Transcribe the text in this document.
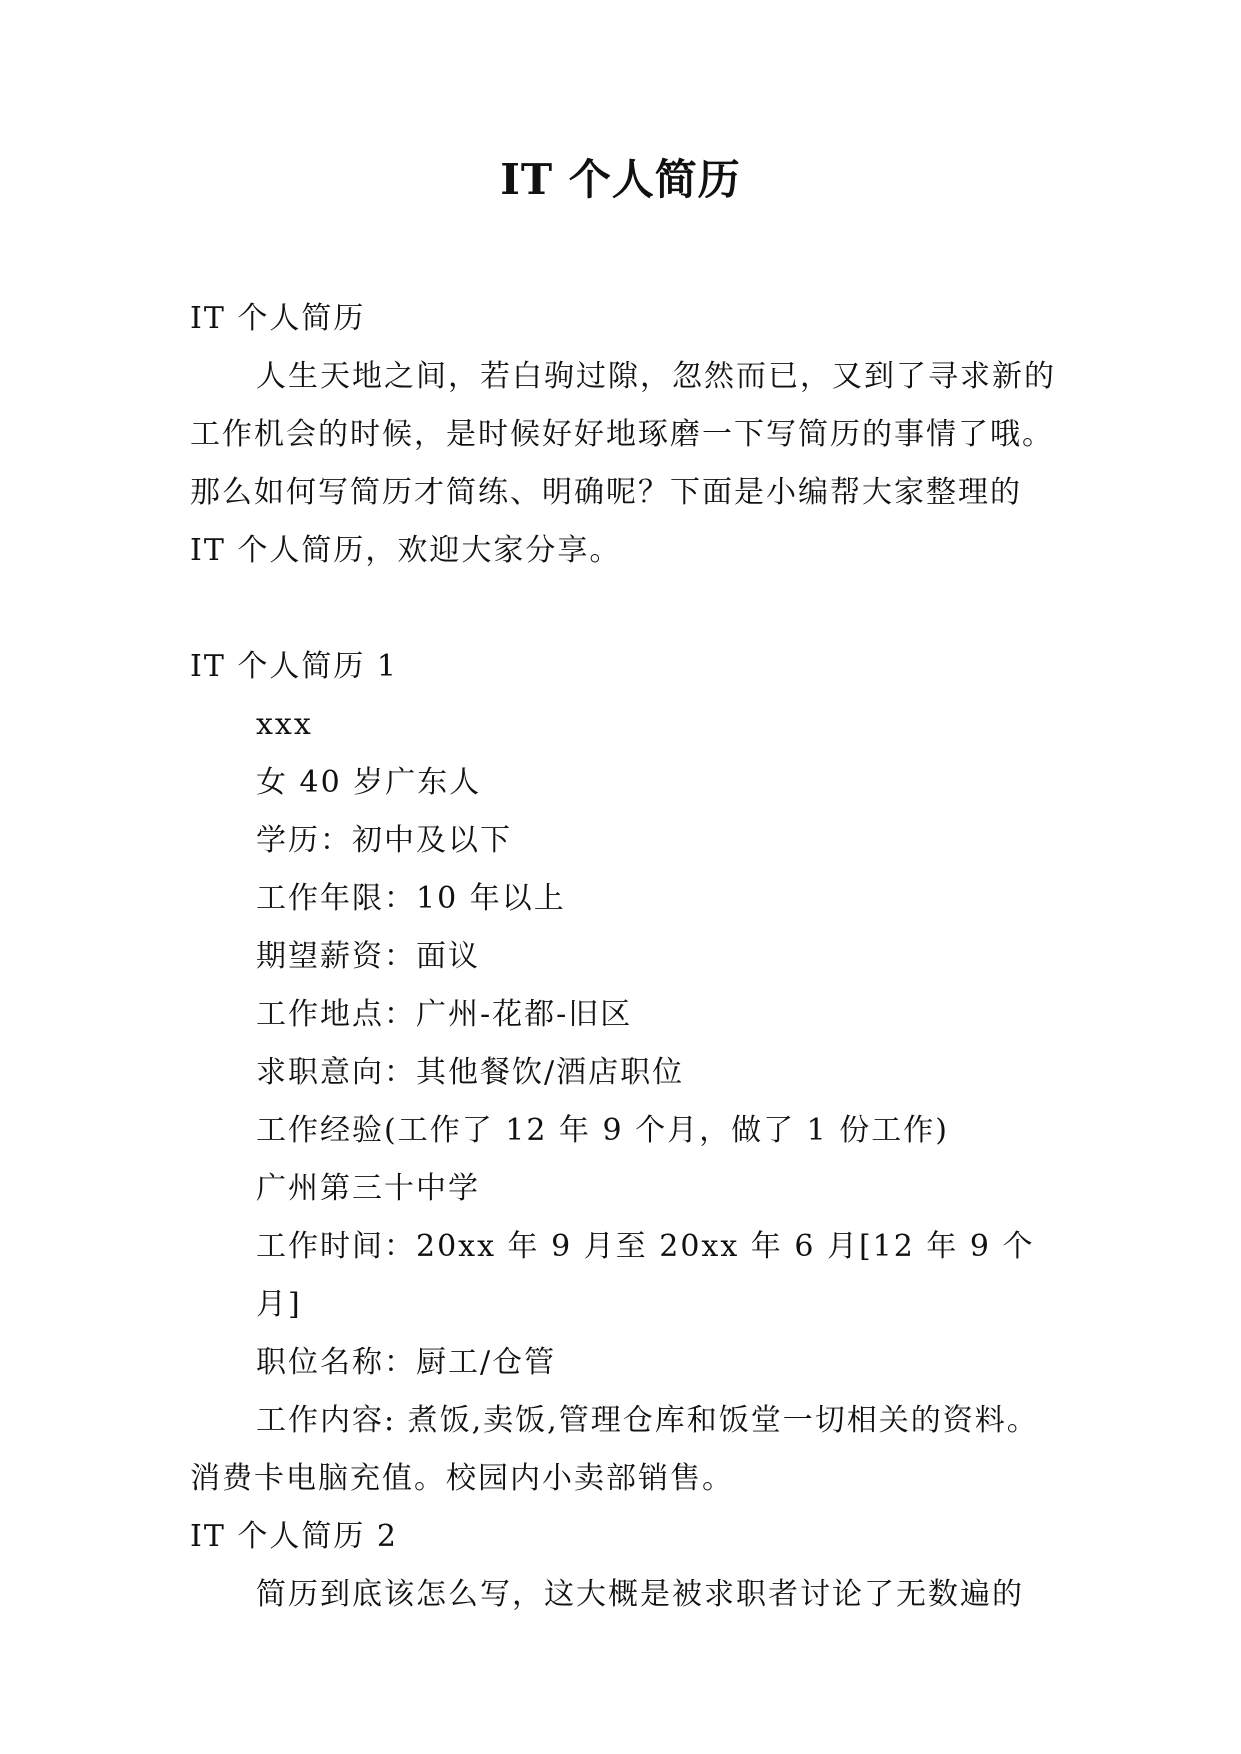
IT 个人简历

IT 个人简历

人生天地之间，若白驹过隙，忽然而已，又到了寻求新的工作机会的时候，是时候好好地琢磨一下写简历的事情了哦。那么如何写简历才简练、明确呢？下面是小编帮大家整理的 IT 个人简历，欢迎大家分享。

IT 个人简历 1

xxx

女 40 岁广东人

学历：初中及以下

工作年限：10 年以上

期望薪资：面议

工作地点：广州-花都-旧区

求职意向：其他餐饮/酒店职位

工作经验(工作了 12 年 9 个月，做了 1 份工作)

广州第三十中学

工作时间：20xx 年 9 月至 20xx 年 6 月[12 年 9 个月]

职位名称：厨工/仓管

工作内容: 煮饭,卖饭,管理仓库和饭堂一切相关的资料。消费卡电脑充值。校园内小卖部销售。

IT 个人简历 2

简历到底该怎么写，这大概是被求职者讨论了无数遍的
